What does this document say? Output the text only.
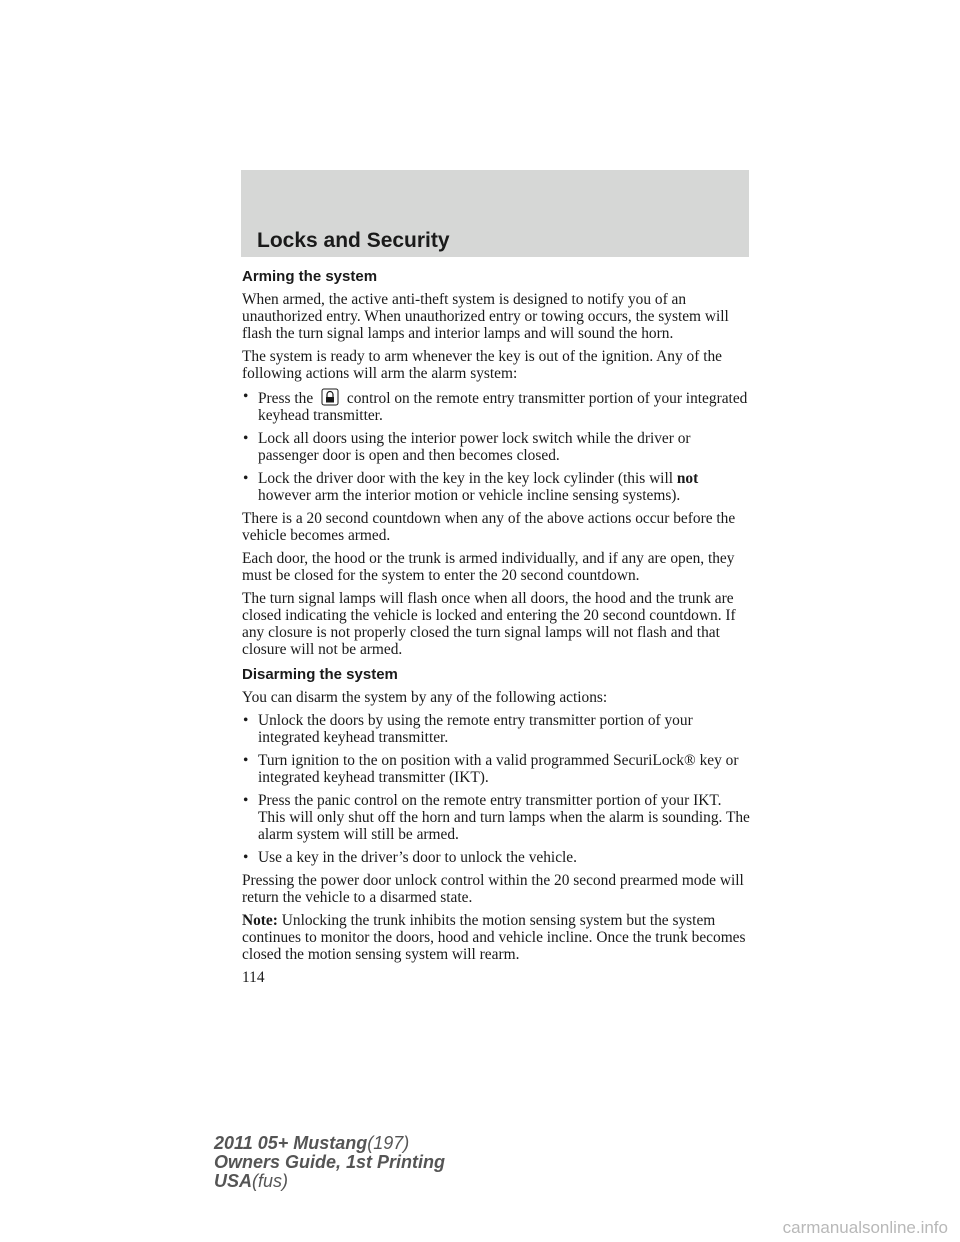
Locks and Security
Arming the system

When armed, the active anti-theft system is designed to notify you of an unauthorized entry. When unauthorized entry or towing occurs, the system will flash the turn signal lamps and interior lamps and will sound the horn.

The system is ready to arm whenever the key is out of the ignition. Any of the following actions will arm the alarm system:

• Press the control on the remote entry transmitter portion of your integrated keyhead transmitter.
• Lock all doors using the interior power lock switch while the driver or passenger door is open and then becomes closed.
• Lock the driver door with the key in the key lock cylinder (this will not however arm the interior motion or vehicle incline sensing systems).

There is a 20 second countdown when any of the above actions occur before the vehicle becomes armed.

Each door, the hood or the trunk is armed individually, and if any are open, they must be closed for the system to enter the 20 second countdown.

The turn signal lamps will flash once when all doors, the hood and the trunk are closed indicating the vehicle is locked and entering the 20 second countdown. If any closure is not properly closed the turn signal lamps will not flash and that closure will not be armed.

Disarming the system

You can disarm the system by any of the following actions:

• Unlock the doors by using the remote entry transmitter portion of your integrated keyhead transmitter.
• Turn ignition to the on position with a valid programmed SecuriLock® key or integrated keyhead transmitter (IKT).
• Press the panic control on the remote entry transmitter portion of your IKT. This will only shut off the horn and turn lamps when the alarm is sounding. The alarm system will still be armed.
• Use a key in the driver’s door to unlock the vehicle.

Pressing the power door unlock control within the 20 second prearmed mode will return the vehicle to a disarmed state.

Note: Unlocking the trunk inhibits the motion sensing system but the system continues to monitor the doors, hood and vehicle incline. Once the trunk becomes closed the motion sensing system will rearm.

114
2011 05+ Mustang(197)
Owners Guide, 1st Printing
USA(fus)
carmanualsonline.info
